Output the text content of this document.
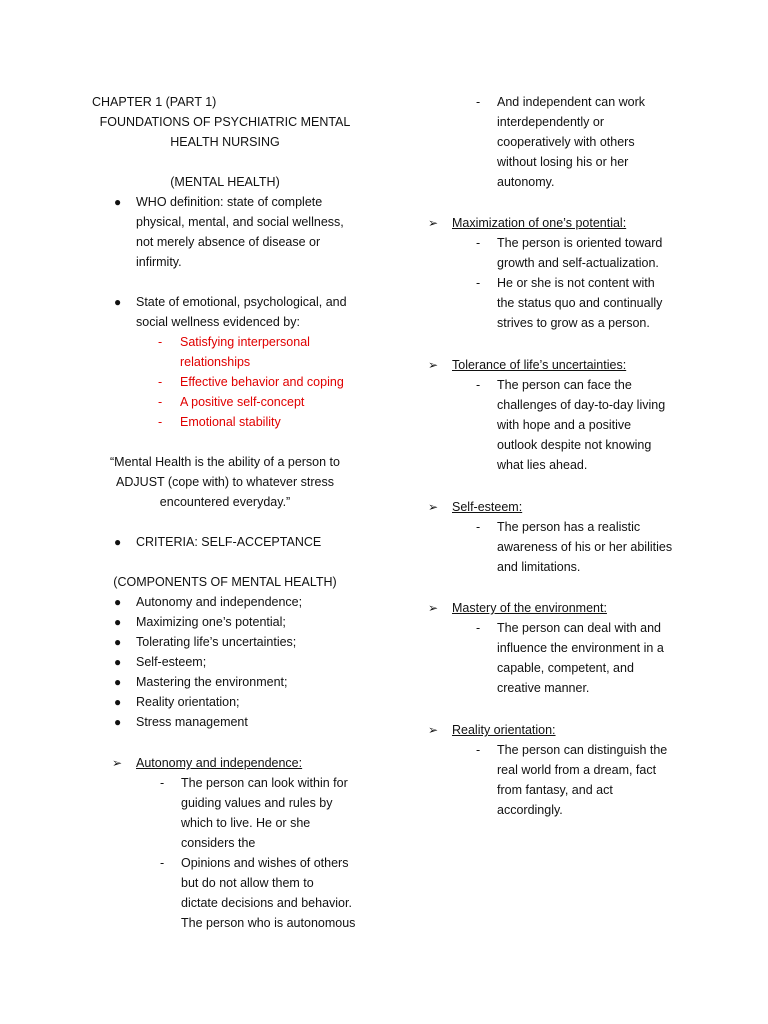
CHAPTER 1 (PART 1)
FOUNDATIONS OF PSYCHIATRIC MENTAL
HEALTH NURSING
(MENTAL HEALTH)
● WHO definition: state of complete
physical, mental, and social wellness,
not merely absence of disease or
infirmity.
● State of emotional, psychological, and
social wellness evidenced by:
- Satisfying interpersonal
relationships
- Effective behavior and coping
- A positive self-concept
- Emotional stability
“Mental Health is the ability of a person to
ADJUST (cope with) to whatever stress
encountered everyday.”
● CRITERIA: SELF-ACCEPTANCE
(COMPONENTS OF MENTAL HEALTH)
● Autonomy and independence;
● Maximizing one’s potential;
● Tolerating life’s uncertainties;
● Self-esteem;
● Mastering the environment;
● Reality orientation;
● Stress management
➢ Autonomy and independence:
- The person can look within for
guiding values and rules by
which to live. He or she
considers the
- Opinions and wishes of others
but do not allow them to
dictate decisions and behavior.
The person who is autonomous
- And independent can work
interdependently or
cooperatively with others
without losing his or her
autonomy.
➢ Maximization of one’s potential:
- The person is oriented toward
growth and self-actualization.
- He or she is not content with
the status quo and continually
strives to grow as a person.
➢ Tolerance of life’s uncertainties:
- The person can face the
challenges of day-to-day living
with hope and a positive
outlook despite not knowing
what lies ahead.
➢ Self-esteem:
- The person has a realistic
awareness of his or her abilities
and limitations.
➢ Mastery of the environment:
- The person can deal with and
influence the environment in a
capable, competent, and
creative manner.
➢ Reality orientation:
- The person can distinguish the
real world from a dream, fact
from fantasy, and act
accordingly.
